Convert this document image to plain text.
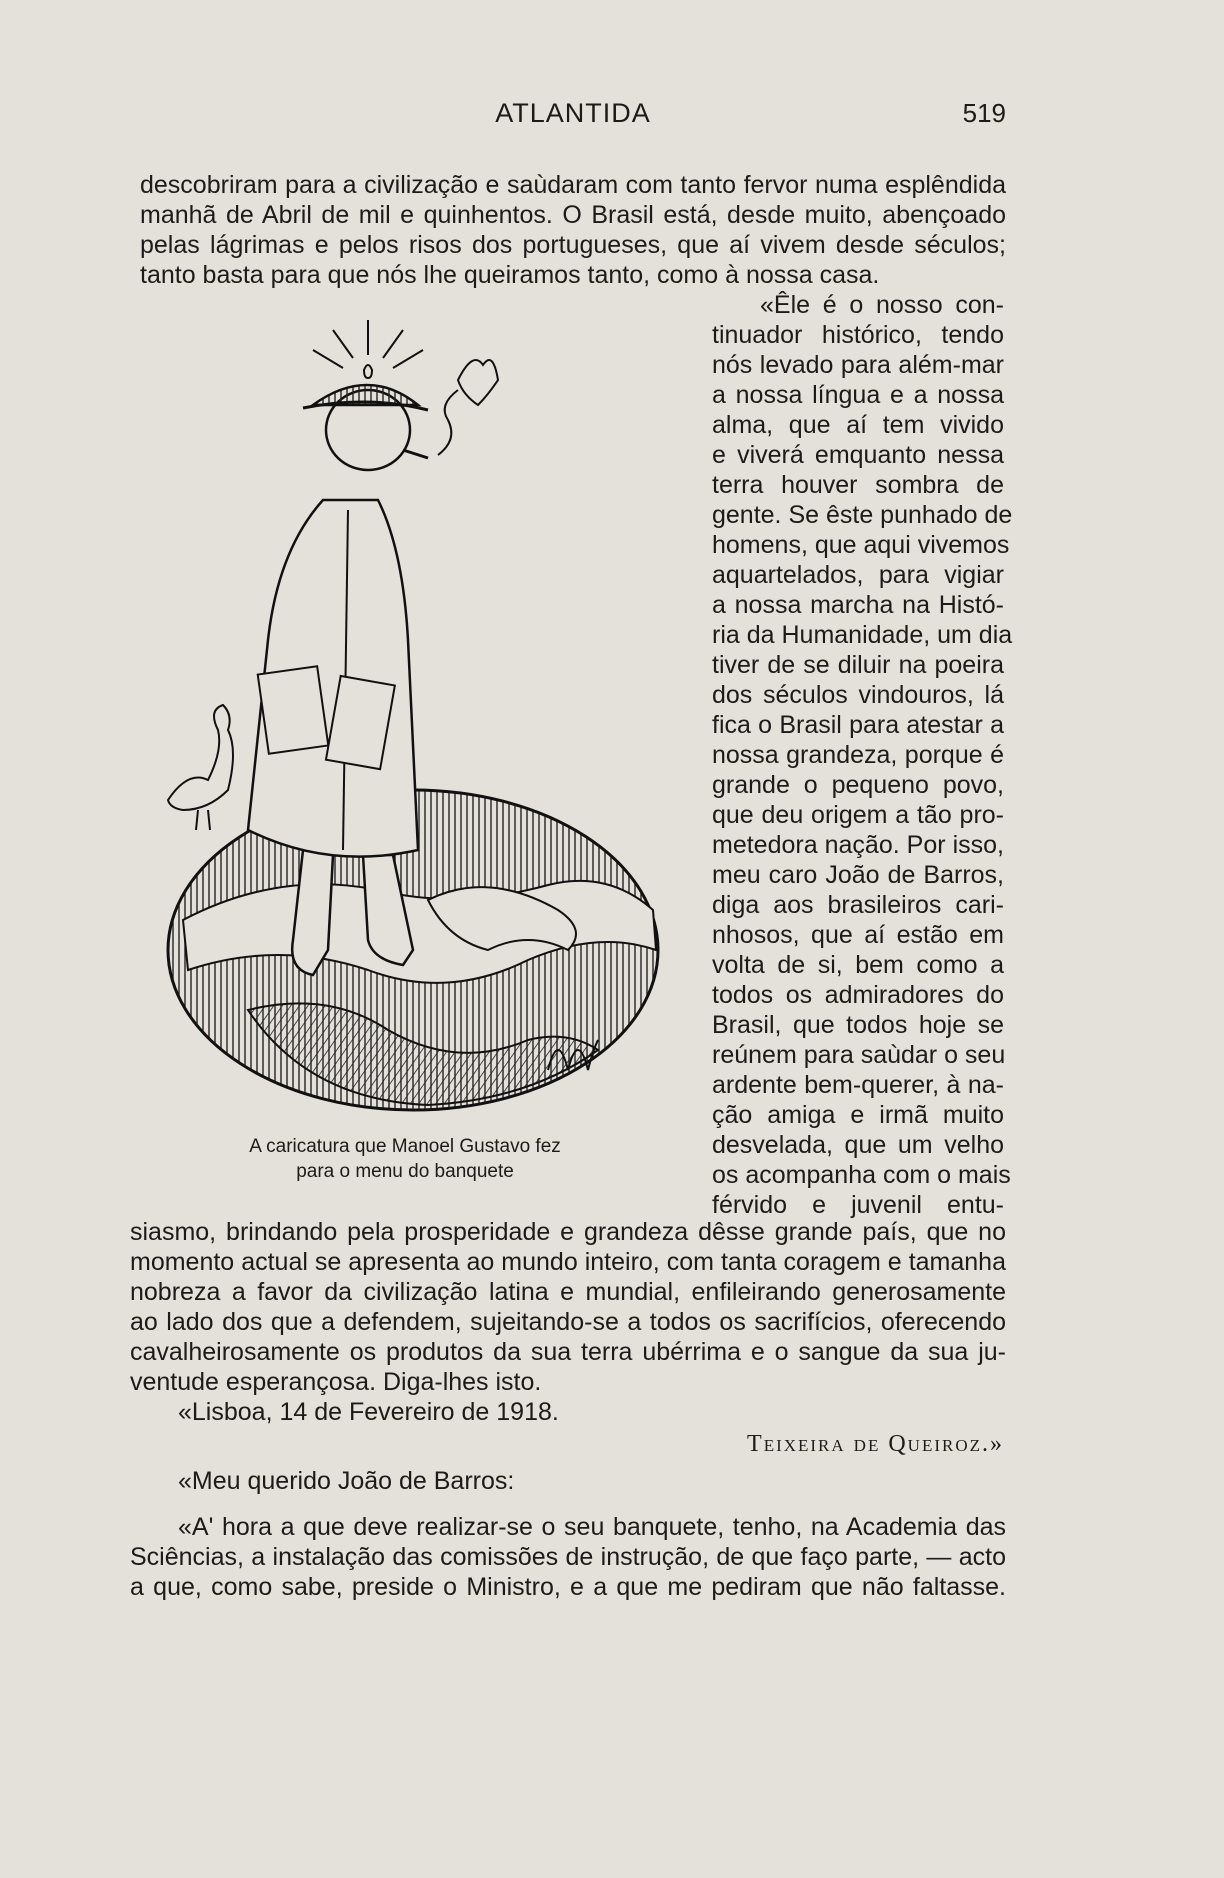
ATLANTIDA	519
descobriram para a civilização e saùdaram com tanto fervor numa esplêndida
manhã de Abril de mil e quinhentos. O Brasil está, desde muito, abençoado
pelas lágrimas e pelos risos dos portugueses, que aí vivem desde séculos;
tanto basta para que nós lhe queiramos tanto, como à nossa casa.
«Êle é o nosso con-
tinuador histórico, tendo
nós levado para além-mar
a nossa língua e a nossa
alma, que aí tem vivido
e viverá emquanto nessa
terra houver sombra de
gente. Se êste punhado de
homens, que aqui vivemos
aquartelados, para vigiar
a nossa marcha na Histó-
ria da Humanidade, um dia
tiver de se diluir na poeira
dos séculos vindouros, lá
fica o Brasil para atestar a
nossa grandeza, porque é
grande o pequeno povo,
que deu origem a tão pro-
metedora nação. Por isso,
meu caro João de Barros,
diga aos brasileiros cari-
nhosos, que aí estão em
volta de si, bem como a
todos os admiradores do
Brasil, que todos hoje se
reúnem para saùdar o seu
ardente bem-querer, à na-
ção amiga e irmã muito
desvelada, que um velho
os acompanha com o mais
férvido e juvenil entu-
A caricatura que Manoel Gustavo fez
para o menu do banquete
siasmo, brindando pela prosperidade e grandeza dêsse grande país, que no
momento actual se apresenta ao mundo inteiro, com tanta coragem e tamanha
nobreza a favor da civilização latina e mundial, enfileirando generosamente
ao lado dos que a defendem, sujeitando-se a todos os sacrifícios, oferecendo
cavalheirosamente os produtos da sua terra ubérrima e o sangue da sua ju-
ventude esperançosa. Diga-lhes isto.
«Lisboa, 14 de Fevereiro de 1918.
Teixeira de Queiroz.»
«Meu querido João de Barros:
«A' hora a que deve realizar-se o seu banquete, tenho, na Academia das
Sciências, a instalação das comissões de instrução, de que faço parte, — acto
a que, como sabe, preside o Ministro, e a que me pediram que não faltasse.
